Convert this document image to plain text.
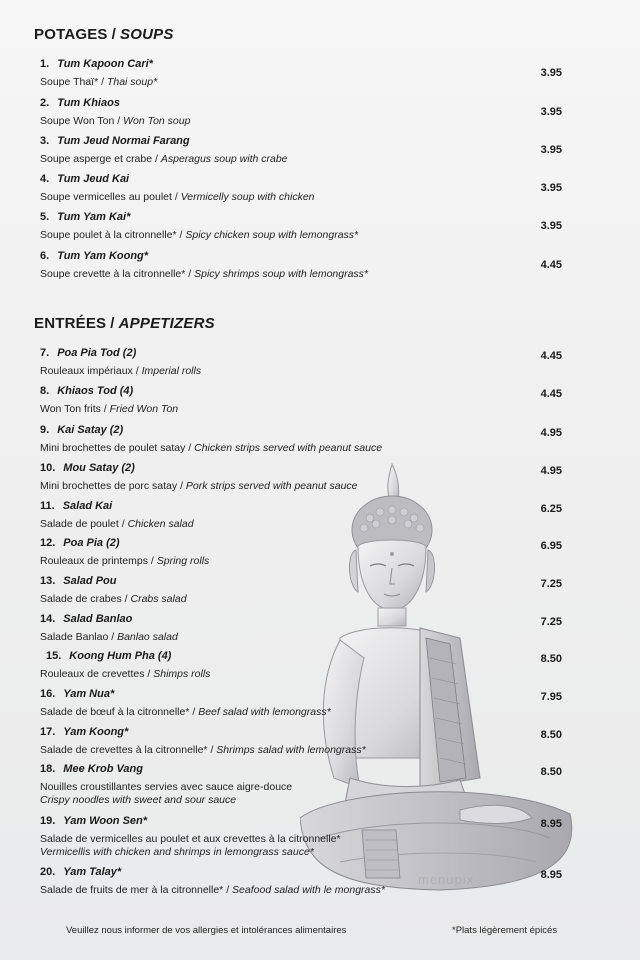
menupix
POTAGES / SOUPS
1. Tum Kapoon Cari*
Soupe Thaï* / Thai soup*
3.95
2. Tum Khiaos
Soupe Won Ton / Won Ton soup
3.95
3. Tum Jeud Normai Farang
Soupe asperge et crabe / Asperagus soup with crabe
3.95
4. Tum Jeud Kai
Soupe vermicelles au poulet / Vermicelly soup with chicken
3.95
5. Tum Yam Kai*
Soupe poulet à la citronnelle* / Spicy chicken soup with lemongrass*
3.95
6. Tum Yam Koong*
Soupe crevette à la citronnelle* / Spicy shrimps soup with lemongrass*
4.45
ENTRÉES / APPETIZERS
7. Poa Pia Tod (2)
Rouleaux impériaux / Imperial rolls
4.45
8. Khiaos Tod (4)
Won Ton frits / Fried Won Ton
4.45
9. Kai Satay (2)
Mini brochettes de poulet satay / Chicken strips served with peanut sauce
4.95
10. Mou Satay (2)
Mini brochettes de porc satay / Pork strips served with peanut sauce
4.95
11. Salad Kai
Salade de poulet / Chicken salad
6.25
12. Poa Pia (2)
Rouleaux de printemps / Spring rolls
6.95
13. Salad Pou
Salade de crabes / Crabs salad
7.25
14. Salad Banlao
Salade Banlao / Banlao salad
7.25
15. Koong Hum Pha (4)
Rouleaux de crevettes / Shimps rolls
8.50
16. Yam Nua*
Salade de bœuf à la citronnelle* / Beef salad with lemongrass*
7.95
17. Yam Koong*
Salade de crevettes à la citronnelle* / Shrimps salad with lemongrass*
8.50
18. Mee Krob Vang
Nouilles croustillantes servies avec sauce aigre-douce
Crispy noodles with sweet and sour sauce
8.50
19. Yam Woon Sen*
Salade de vermicelles au poulet et aux crevettes à la citronnelle*
Vermicellis with chicken and shrimps in lemongrass sauce*
8.95
20. Yam Talay*
Salade de fruits de mer à la citronnelle* / Seafood salad with le mongrass*
8.95
Veuillez nous informer de vos allergies et intolérances alimentaires	*Plats légèrement épicés
